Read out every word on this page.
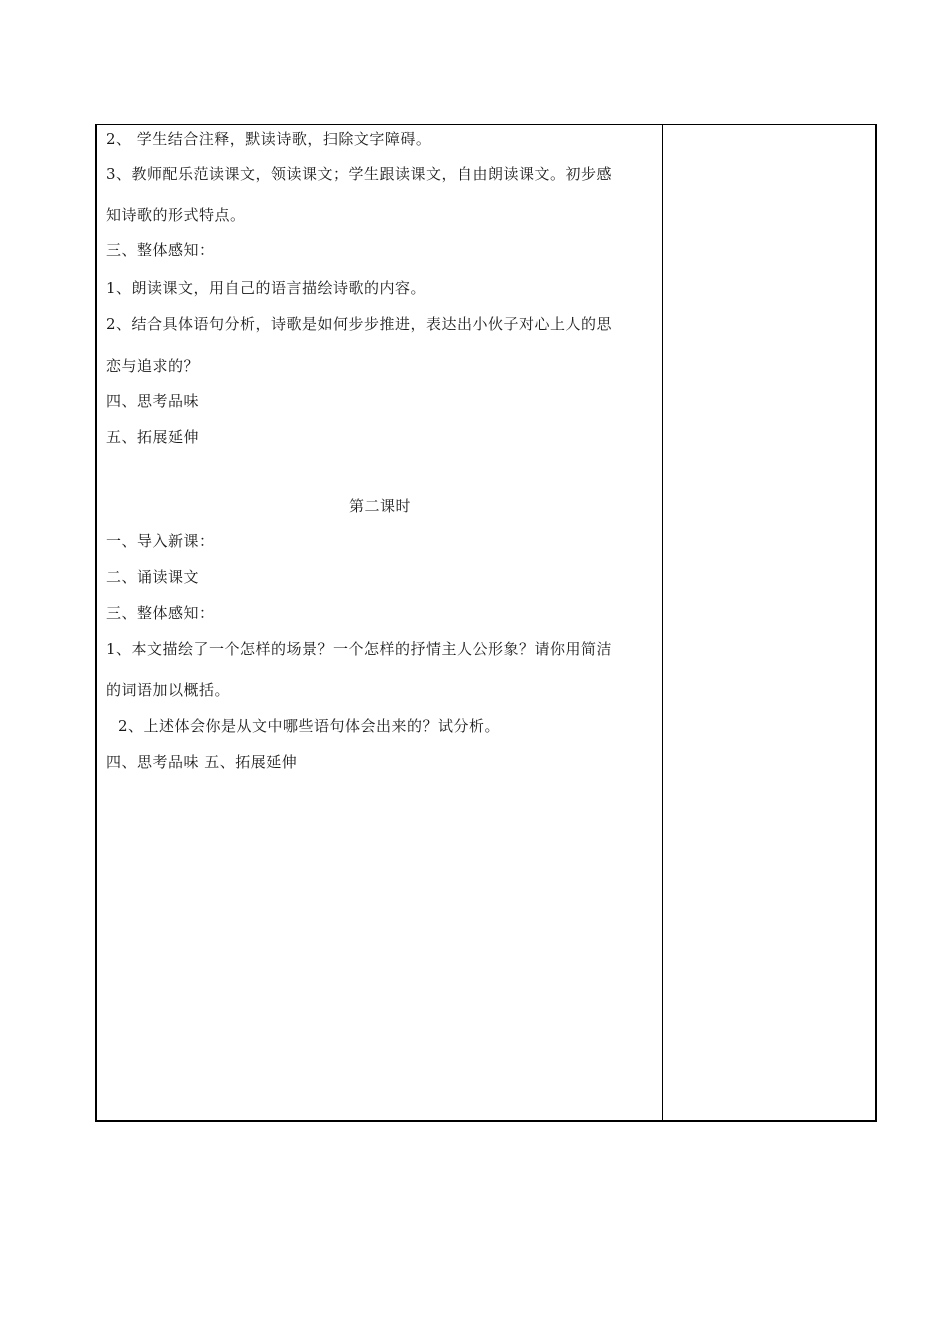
2、 学生结合注释，默读诗歌，扫除文字障碍。
3、教师配乐范读课文，领读课文；学生跟读课文，自由朗读课文。初步感
知诗歌的形式特点。
三、整体感知：
1、朗读课文，用自己的语言描绘诗歌的内容。
2、结合具体语句分析，诗歌是如何步步推进，表达出小伙子对心上人的思
恋与追求的？
四、思考品味
五、拓展延伸
第二课时
一、导入新课：
二、诵读课文
三、整体感知：
1、本文描绘了一个怎样的场景？一个怎样的抒情主人公形象？请你用简洁
的词语加以概括。
2、上述体会你是从文中哪些语句体会出来的？试分析。
四、思考品味 五、拓展延伸
